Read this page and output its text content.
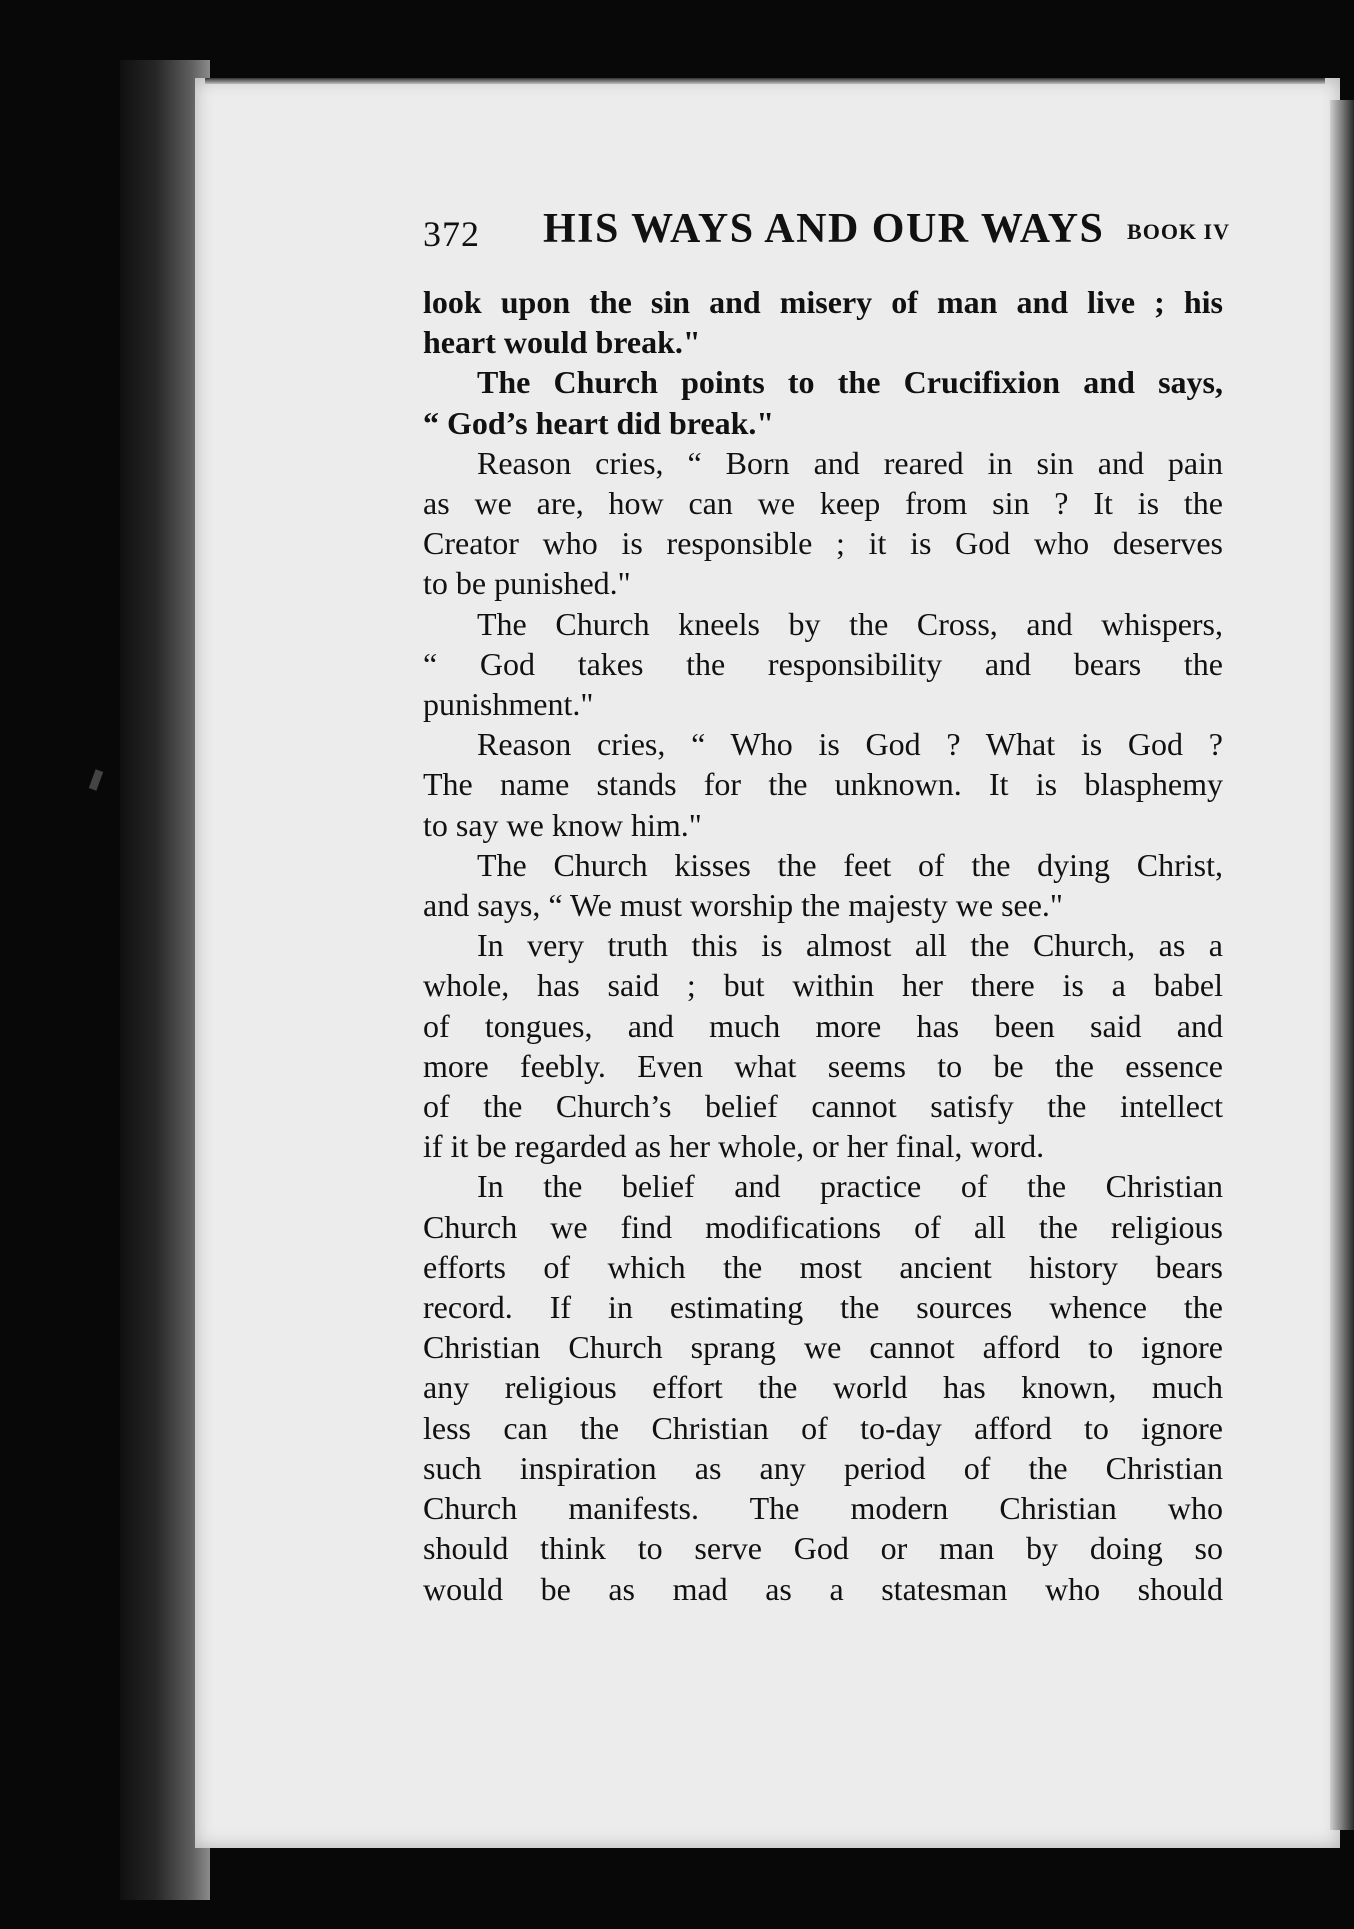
372 HIS WAYS AND OUR WAYS BOOK IV
look upon the sin and misery of man and live ; his
heart would break."
The Church points to the Crucifixion and says,
“ God’s heart did break."
Reason cries, “ Born and reared in sin and pain
as we are, how can we keep from sin ? It is the
Creator who is responsible ; it is God who deserves
to be punished."
The Church kneels by the Cross, and whispers,
“ God takes the responsibility and bears the
punishment."
Reason cries, “ Who is God ? What is God ?
The name stands for the unknown. It is blasphemy
to say we know him."
The Church kisses the feet of the dying Christ,
and says, “ We must worship the majesty we see."
In very truth this is almost all the Church, as a
whole, has said ; but within her there is a babel
of tongues, and much more has been said and
more feebly. Even what seems to be the essence
of the Church’s belief cannot satisfy the intellect
if it be regarded as her whole, or her final, word.
In the belief and practice of the Christian
Church we find modifications of all the religious
efforts of which the most ancient history bears
record. If in estimating the sources whence the
Christian Church sprang we cannot afford to ignore
any religious effort the world has known, much
less can the Christian of to-day afford to ignore
such inspiration as any period of the Christian
Church manifests. The modern Christian who
should think to serve God or man by doing so
would be as mad as a statesman who should
